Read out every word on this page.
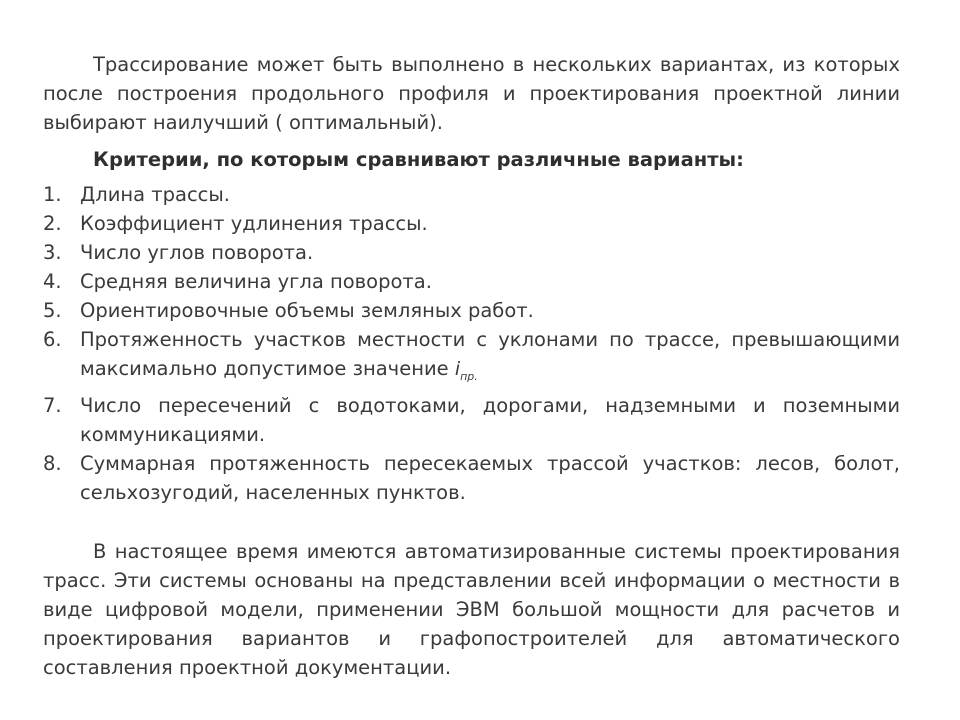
Трассирование может быть выполнено в нескольких вариантах, из которых после построения продольного профиля и проектирования проектной линии выбирают наилучший ( оптимальный).

Критерии, по которым сравнивают различные варианты:

1. Длина трассы.
2. Коэффициент удлинения трассы.
3. Число углов поворота.
4. Средняя величина угла поворота.
5. Ориентировочные объемы земляных работ.
6. Протяженность участков местности с уклонами по трассе, превышающими максимально допустимое значение $i_{пр.}$
7. Число пересечений с водотоками, дорогами, надземными и поземными коммуникациями.
8. Суммарная протяженность пересекаемых трассой участков: лесов, болот, сельхозугодий, населенных пунктов.

В настоящее время имеются автоматизированные системы проектирования трасс. Эти системы основаны на представлении всей информации о местности в виде цифровой модели, применении ЭВМ большой мощности для расчетов и проектирования вариантов и графопостроителей для автоматического составления проектной документации.
